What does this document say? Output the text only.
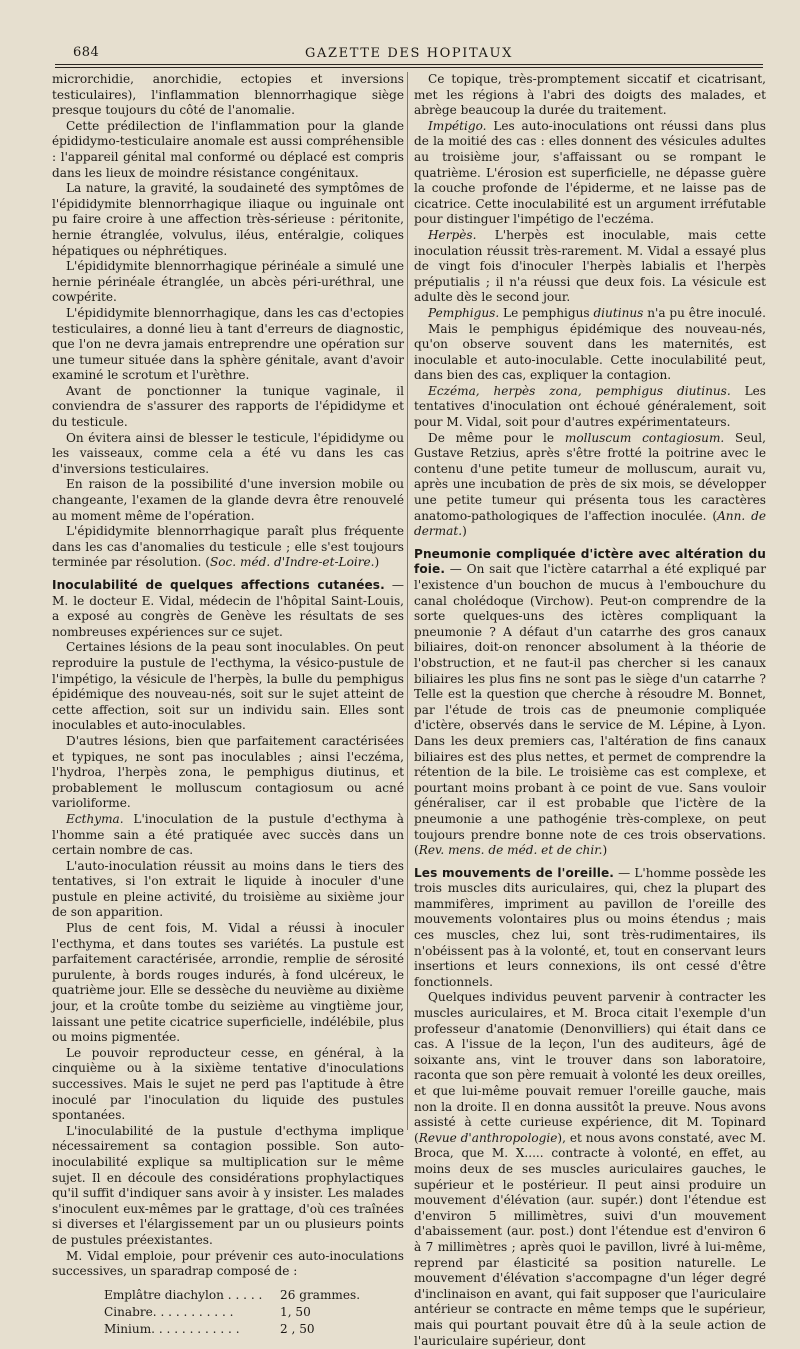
684	GAZETTE DES HOPITAUX

microrchidie, anorchidie, ectopies et inversions testiculaires), l'inflammation blennorrhagique siège presque toujours du côté de l'anomalie.

Cette prédilection de l'inflammation pour la glande épididymo-testiculaire anomale est aussi compréhensible : l'appareil génital mal conformé ou déplacé est compris dans les lieux de moindre résistance congénitaux.

La nature, la gravité, la soudaineté des symptômes de l'épididymite blennorrhagique iliaque ou inguinale ont pu faire croire à une affection très-sérieuse : péritonite, hernie étranglée, volvulus, iléus, entéralgie, coliques hépatiques ou néphrétiques.

L'épididymite blennorrhagique périnéale a simulé une hernie périnéale étranglée, un abcès péri-uréthral, une cowpérite.

L'épididymite blennorrhagique, dans les cas d'ectopies testiculaires, a donné lieu à tant d'erreurs de diagnostic, que l'on ne devra jamais entreprendre une opération sur une tumeur située dans la sphère génitale, avant d'avoir examiné le scrotum et l'urèthre.

Avant de ponctionner la tunique vaginale, il conviendra de s'assurer des rapports de l'épididyme et du testicule.

On évitera ainsi de blesser le testicule, l'épididyme ou les vaisseaux, comme cela a été vu dans les cas d'inversions testiculaires.

En raison de la possibilité d'une inversion mobile ou changeante, l'examen de la glande devra être renouvelé au moment même de l'opération.

L'épididymite blennorrhagique paraît plus fréquente dans les cas d'anomalies du testicule ; elle s'est toujours terminée par résolution. (Soc. méd. d'Indre-et-Loire.)

Inoculabilité de quelques affections cutanées. — M. le docteur E. Vidal, médecin de l'hôpital Saint-Louis, a exposé au congrès de Genève les résultats de ses nombreuses expériences sur ce sujet.

Certaines lésions de la peau sont inoculables. On peut reproduire la pustule de l'ecthyma, la vésico-pustule de l'impétigo, la vésicule de l'herpès, la bulle du pemphigus épidémique des nouveau-nés, soit sur le sujet atteint de cette affection, soit sur un individu sain. Elles sont inoculables et auto-inoculables.

D'autres lésions, bien que parfaitement caractérisées et typiques, ne sont pas inoculables ; ainsi l'eczéma, l'hydroa, l'herpès zona, le pemphigus diutinus, et probablement le molluscum contagiosum ou acné varioliforme.

Ecthyma. L'inoculation de la pustule d'ecthyma à l'homme sain a été pratiquée avec succès dans un certain nombre de cas.

L'auto-inoculation réussit au moins dans le tiers des tentatives, si l'on extrait le liquide à inoculer d'une pustule en pleine activité, du troisième au sixième jour de son apparition.

Plus de cent fois, M. Vidal a réussi à inoculer l'ecthyma, et dans toutes ses variétés. La pustule est parfaitement caractérisée, arrondie, remplie de sérosité purulente, à bords rouges indurés, à fond ulcéreux, le quatrième jour. Elle se dessèche du neuvième au dixième jour, et la croûte tombe du seizième au vingtième jour, laissant une petite cicatrice superficielle, indélébile, plus ou moins pigmentée.

Le pouvoir reproducteur cesse, en général, à la cinquième ou à la sixième tentative d'inoculations successives. Mais le sujet ne perd pas l'aptitude à être inoculé par l'inoculation du liquide des pustules spontanées.

L'inoculabilité de la pustule d'ecthyma implique nécessairement sa contagion possible. Son auto-inoculabilité explique sa multiplication sur le même sujet. Il en découle des considérations prophylactiques qu'il suffit d'indiquer sans avoir à y insister. Les malades s'inoculent eux-mêmes par le grattage, d'où ces traînées si diverses et l'élargissement par un ou plusieurs points de pustules préexistantes.

M. Vidal emploie, pour prévenir ces auto-inoculations successives, un sparadrap composé de :

Emplâtre diachylon . . . . .	26 grammes.
Cinabre. . . . . . . . . . .	1, 50
Minium. . . . . . . . . . . .	2 , 50

Ce topique, très-promptement siccatif et cicatrisant, met les régions à l'abri des doigts des malades, et abrège beaucoup la durée du traitement.

Impétigo. Les auto-inoculations ont réussi dans plus de la moitié des cas : elles donnent des vésicules adultes au troisième jour, s'affaissant ou se rompant le quatrième. L'érosion est superficielle, ne dépasse guère la couche profonde de l'épiderme, et ne laisse pas de cicatrice. Cette inoculabilité est un argument irréfutable pour distinguer l'impétigo de l'eczéma.

Herpès. L'herpès est inoculable, mais cette inoculation réussit très-rarement. M. Vidal a essayé plus de vingt fois d'inoculer l'herpès labialis et l'herpès préputialis ; il n'a réussi que deux fois. La vésicule est adulte dès le second jour.

Pemphigus. Le pemphigus diutinus n'a pu être inoculé.

Mais le pemphigus épidémique des nouveau-nés, qu'on observe souvent dans les maternités, est inoculable et auto-inoculable. Cette inoculabilité peut, dans bien des cas, expliquer la contagion.

Eczéma, herpès zona, pemphigus diutinus. Les tentatives d'inoculation ont échoué généralement, soit pour M. Vidal, soit pour d'autres expérimentateurs.

De même pour le molluscum contagiosum. Seul, Gustave Retzius, après s'être frotté la poitrine avec le contenu d'une petite tumeur de molluscum, aurait vu, après une incubation de près de six mois, se développer une petite tumeur qui présenta tous les caractères anatomo-pathologiques de l'affection inoculée. (Ann. de dermat.)

Pneumonie compliquée d'ictère avec altération du foie. — On sait que l'ictère catarrhal a été expliqué par l'existence d'un bouchon de mucus à l'embouchure du canal cholédoque (Virchow). Peut-on comprendre de la sorte quelques-uns des ictères compliquant la pneumonie ? A défaut d'un catarrhe des gros canaux biliaires, doit-on renoncer absolument à la théorie de l'obstruction, et ne faut-il pas chercher si les canaux biliaires les plus fins ne sont pas le siège d'un catarrhe ? Telle est la question que cherche à résoudre M. Bonnet, par l'étude de trois cas de pneumonie compliquée d'ictère, observés dans le service de M. Lépine, à Lyon. Dans les deux premiers cas, l'altération de fins canaux biliaires est des plus nettes, et permet de comprendre la rétention de la bile. Le troisième cas est complexe, et pourtant moins probant à ce point de vue. Sans vouloir généraliser, car il est probable que l'ictère de la pneumonie a une pathogénie très-complexe, on peut toujours prendre bonne note de ces trois observations. (Rev. mens. de méd. et de chir.)

Les mouvements de l'oreille. — L'homme possède les trois muscles dits auriculaires, qui, chez la plupart des mammifères, impriment au pavillon de l'oreille des mouvements volontaires plus ou moins étendus ; mais ces muscles, chez lui, sont très-rudimentaires, ils n'obéissent pas à la volonté, et, tout en conservant leurs insertions et leurs connexions, ils ont cessé d'être fonctionnels.

Quelques individus peuvent parvenir à contracter les muscles auriculaires, et M. Broca citait l'exemple d'un professeur d'anatomie (Denonvilliers) qui était dans ce cas. A l'issue de la leçon, l'un des auditeurs, âgé de soixante ans, vint le trouver dans son laboratoire, raconta que son père remuait à volonté les deux oreilles, et que lui-même pouvait remuer l'oreille gauche, mais non la droite. Il en donna aussitôt la preuve. Nous avons assisté à cette curieuse expérience, dit M. Topinard (Revue d'anthropologie), et nous avons constaté, avec M. Broca, que M. X..... contracte à volonté, en effet, au moins deux de ses muscles auriculaires gauches, le supérieur et le postérieur. Il peut ainsi produire un mouvement d'élévation (aur. supér.) dont l'étendue est d'environ 5 millimètres, suivi d'un mouvement d'abaissement (aur. post.) dont l'étendue est d'environ 6 à 7 millimètres ; après quoi le pavillon, livré à lui-même, reprend par élasticité sa position naturelle. Le mouvement d'élévation s'accompagne d'un léger degré d'inclinaison en avant, qui fait supposer que l'auriculaire antérieur se contracte en même temps que le supérieur, mais qui pourtant pouvait être dû à la seule action de l'auriculaire supérieur, dont
